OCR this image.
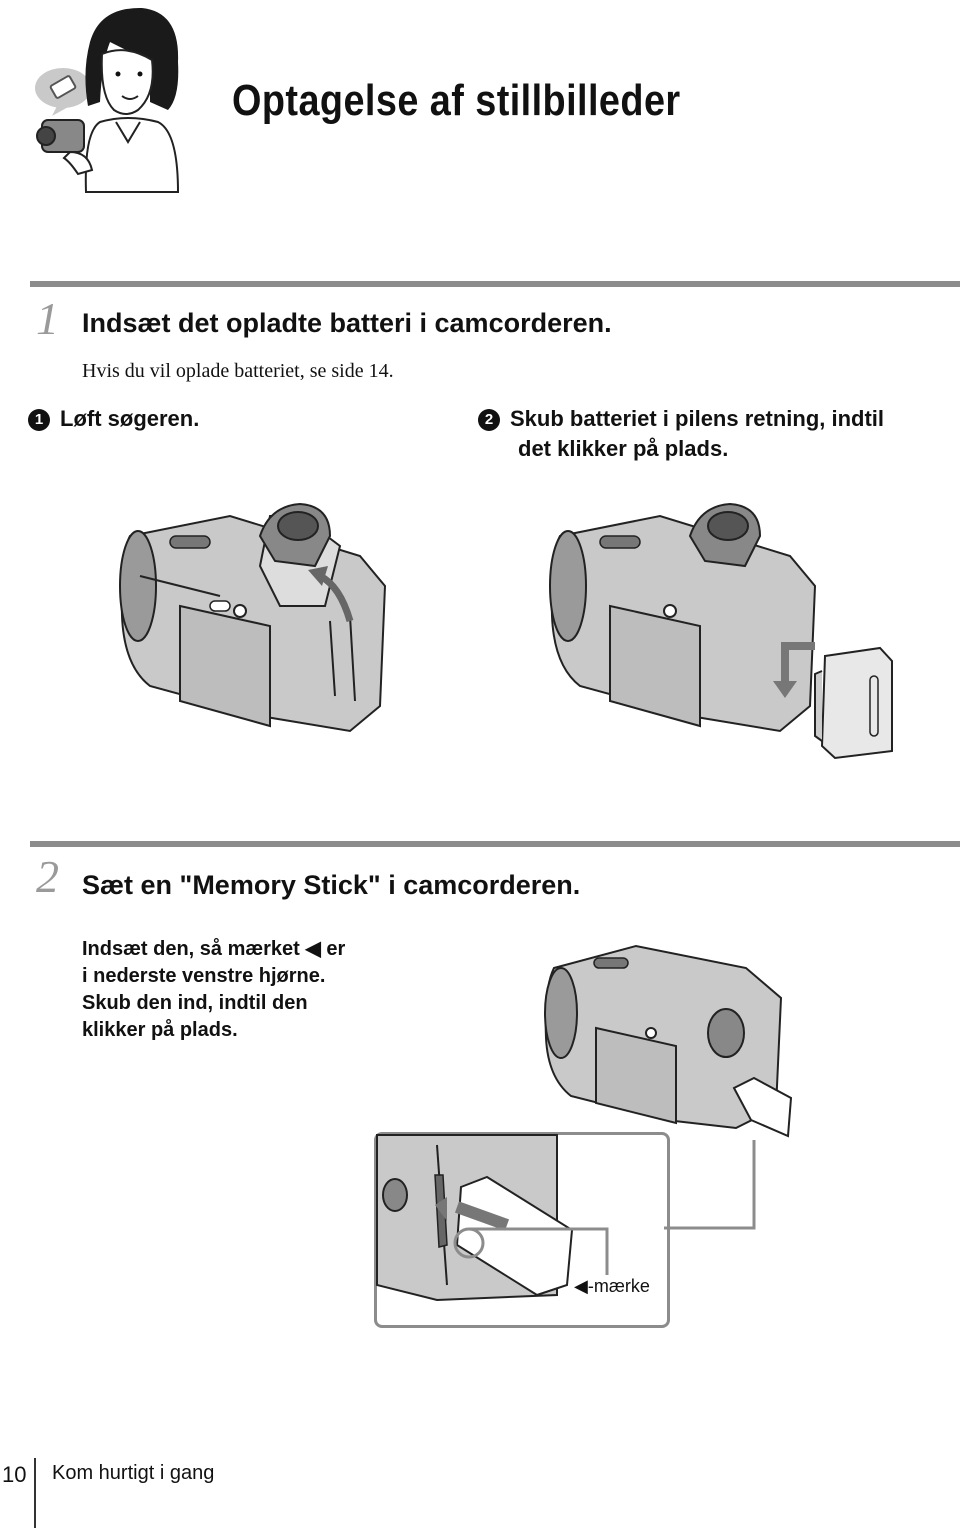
Optagelse af stillbilleder
1 Indsæt det opladte batteri i camcorderen.
Hvis du vil oplade batteriet, se side 14.
1 Løft søgeren.	2 Skub batteriet i pilens retning, indtil
det klikker på plads.
2 Sæt en "Memory Stick" i camcorderen.
Indsæt den, så mærket ◀ er
i nederste venstre hjørne.
Skub den ind, indtil den
klikker på plads.
◀-mærke
10 Kom hurtigt i gang
